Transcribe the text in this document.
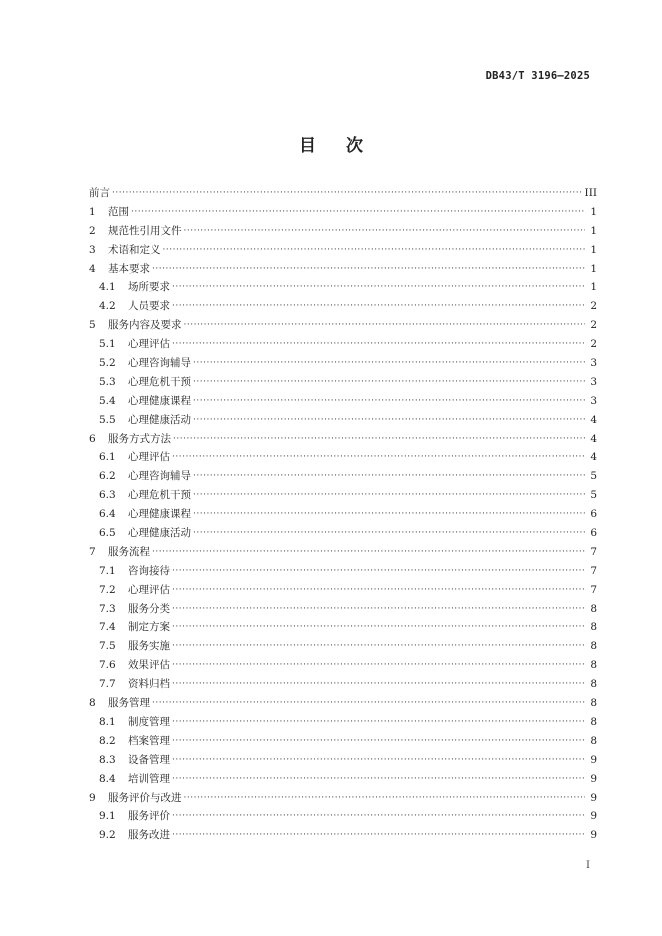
DB43/T 3196—2025
目 次
前言 ·····	III
1	范围 ·····	1
2	规范性引用文件 ·····	1
3	术语和定义 ·····	1
4	基本要求 ·····	1
4.1	场所要求 ·····	1
4.2	人员要求 ·····	2
5	服务内容及要求 ·····	2
5.1	心理评估 ·····	2
5.2	心理咨询辅导 ·····	3
5.3	心理危机干预 ·····	3
5.4	心理健康课程 ·····	3
5.5	心理健康活动 ·····	4
6	服务方式方法 ·····	4
6.1	心理评估 ·····	4
6.2	心理咨询辅导 ·····	5
6.3	心理危机干预 ·····	5
6.4	心理健康课程 ·····	6
6.5	心理健康活动 ·····	6
7	服务流程 ·····	7
7.1	咨询接待 ·····	7
7.2	心理评估 ·····	7
7.3	服务分类 ·····	8
7.4	制定方案 ·····	8
7.5	服务实施 ·····	8
7.6	效果评估 ·····	8
7.7	资料归档 ·····	8
8	服务管理 ·····	8
8.1	制度管理 ·····	8
8.2	档案管理 ·····	8
8.3	设备管理 ·····	9
8.4	培训管理 ·····	9
9	服务评价与改进 ·····	9
9.1	服务评价 ·····	9
9.2	服务改进 ·····	9
I
